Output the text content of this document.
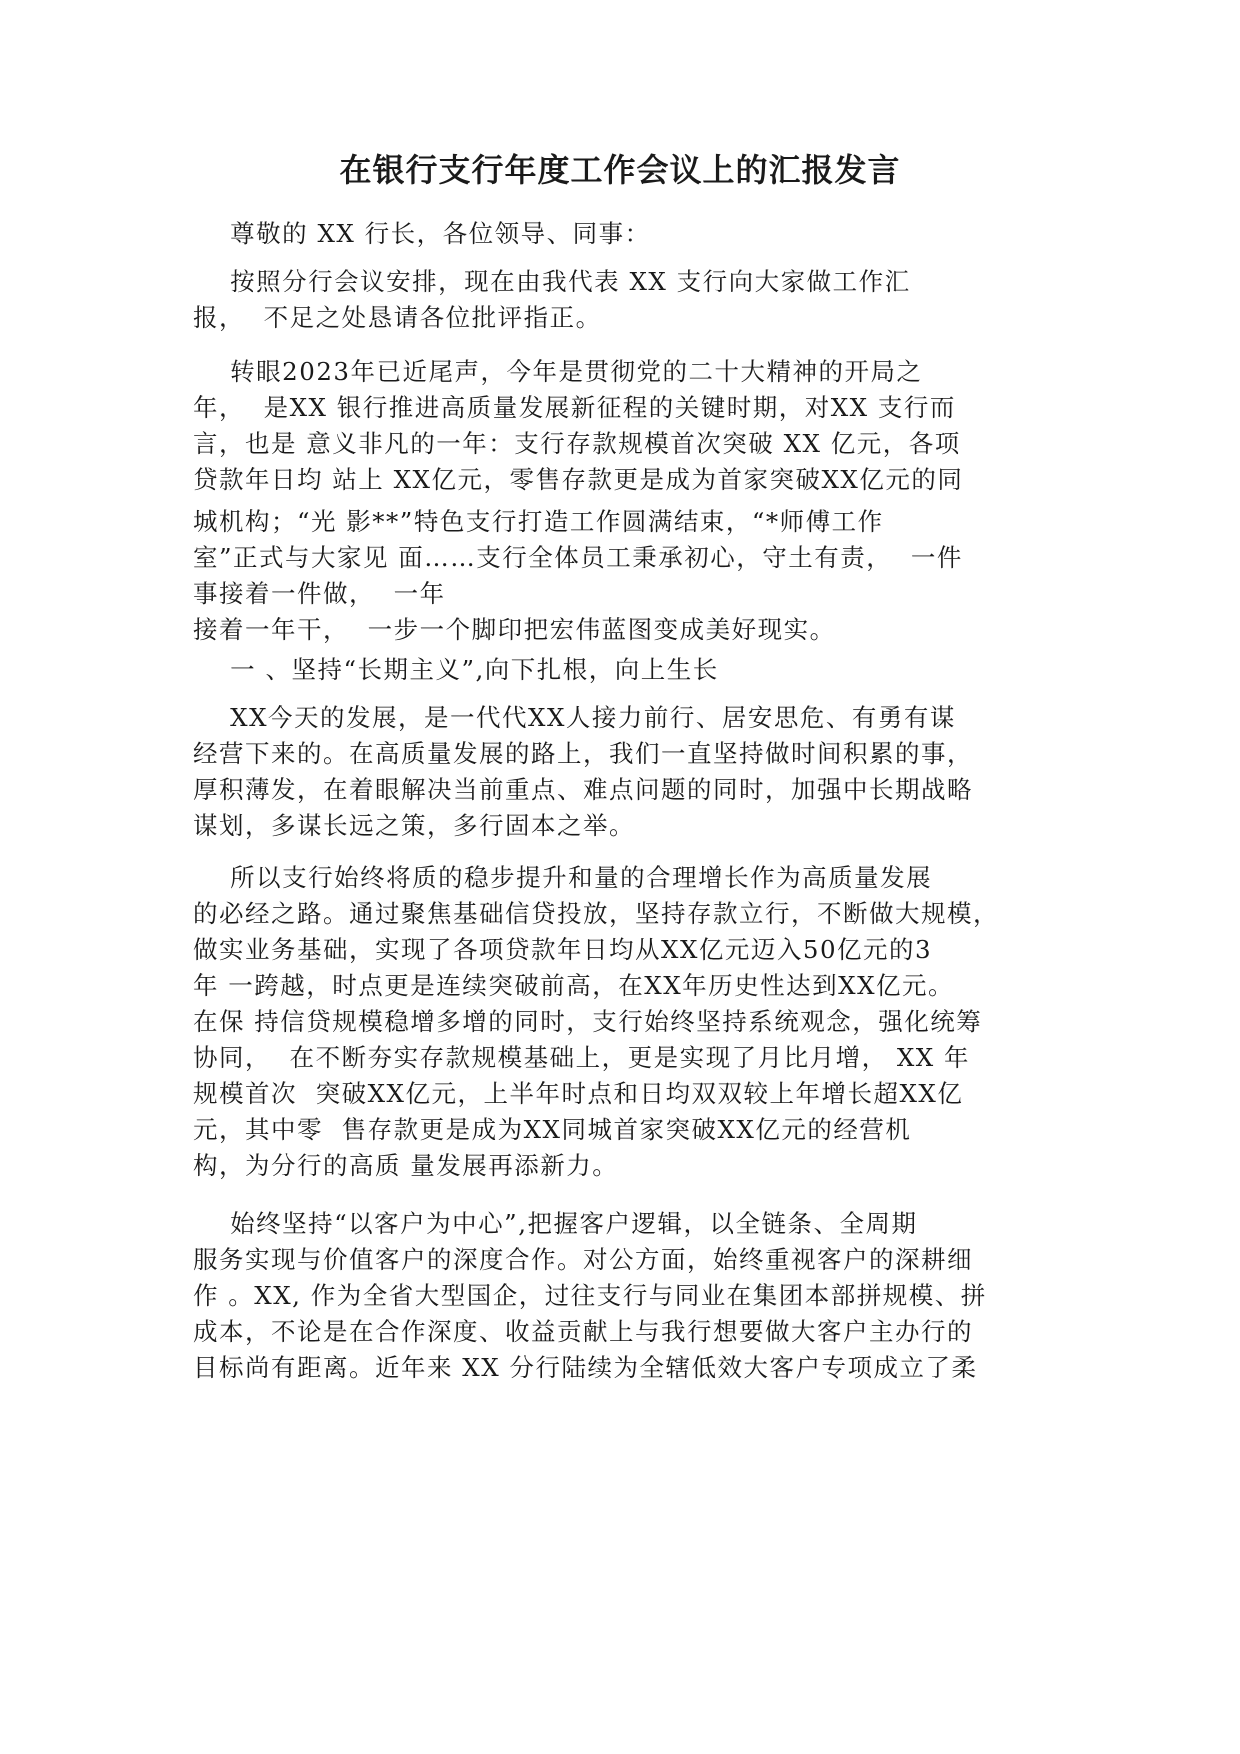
在银行支行年度工作会议上的汇报发言
尊敬的 XX 行长，各位领导、同事：
按照分行会议安排，现在由我代表 XX 支行向大家做工作汇
报，  不足之处恳请各位批评指正。
转眼2023年已近尾声，今年是贯彻党的二十大精神的开局之
年，  是XX 银行推进高质量发展新征程的关键时期，对XX 支行而
言，也是 意义非凡的一年：支行存款规模首次突破 XX 亿元，各项
贷款年日均 站上 XX亿元，零售存款更是成为首家突破XX亿元的同
城机构；“光 影**”特色支行打造工作圆满结束，“*师傅工作
室”正式与大家见 面……支行全体员工秉承初心，守土有责，  一件
事接着一件做，  一年
接着一年干，  一步一个脚印把宏伟蓝图变成美好现实。
一 、坚持“长期主义”,向下扎根，向上生长
XX今天的发展，是一代代XX人接力前行、居安思危、有勇有谋
经营下来的。在高质量发展的路上，我们一直坚持做时间积累的事，
厚积薄发，在着眼解决当前重点、难点问题的同时，加强中长期战略
谋划，多谋长远之策，多行固本之举。
所以支行始终将质的稳步提升和量的合理增长作为高质量发展
的必经之路。通过聚焦基础信贷投放，坚持存款立行，不断做大规模，
做实业务基础，实现了各项贷款年日均从XX亿元迈入50亿元的3
年 一跨越，时点更是连续突破前高，在XX年历史性达到XX亿元。
在保 持信贷规模稳增多增的同时，支行始终坚持系统观念，强化统筹
协同，  在不断夯实存款规模基础上，更是实现了月比月增， XX 年
规模首次  突破XX亿元，上半年时点和日均双双较上年增长超XX亿
元，其中零  售存款更是成为XX同城首家突破XX亿元的经营机
构，为分行的高质 量发展再添新力。
始终坚持“以客户为中心”,把握客户逻辑，以全链条、全周期
服务实现与价值客户的深度合作。对公方面，始终重视客户的深耕细
作 。XX, 作为全省大型国企，过往支行与同业在集团本部拼规模、拼
成本，不论是在合作深度、收益贡献上与我行想要做大客户主办行的
目标尚有距离。近年来 XX 分行陆续为全辖低效大客户专项成立了柔
